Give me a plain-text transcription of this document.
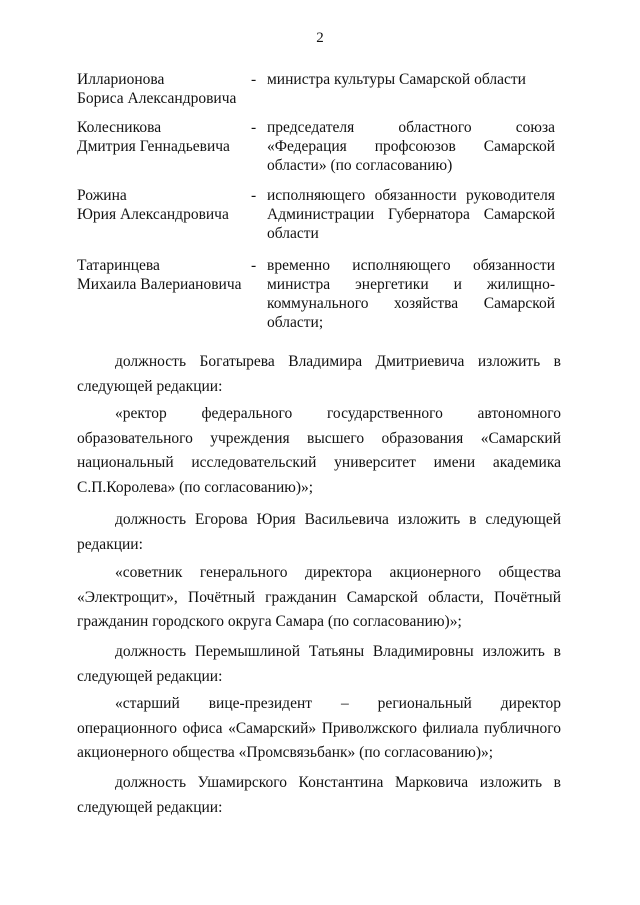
2
Илларионова
Бориса Александровича
- министра культуры Самарской области
Колесникова
Дмитрия Геннадьевича
- председателя областного союза «Федерация профсоюзов Самарской области» (по согласованию)
Рожина
Юрия Александровича
- исполняющего обязанности руководителя Администрации Губернатора Самарской области
Татаринцева
Михаила Валериановича
- временно исполняющего обязанности министра энергетики и жилищно-коммунального хозяйства Самарской области;

должность Богатырева Владимира Дмитриевича изложить в следующей редакции:

«ректор федерального государственного автономного образовательного учреждения высшего образования «Самарский национальный исследовательский университет имени академика С.П.Королева» (по согласованию)»;

должность Егорова Юрия Васильевича изложить в следующей редакции:

«советник генерального директора акционерного общества «Электрощит», Почётный гражданин Самарской области, Почётный гражданин городского округа Самара (по согласованию)»;

должность Перемышлиной Татьяны Владимировны изложить в следующей редакции:

«старший вице-президент – региональный директор операционного офиса «Самарский» Приволжского филиала публичного акционерного общества «Промсвязьбанк» (по согласованию)»;

должность Ушамирского Константина Марковича изложить в следующей редакции:
